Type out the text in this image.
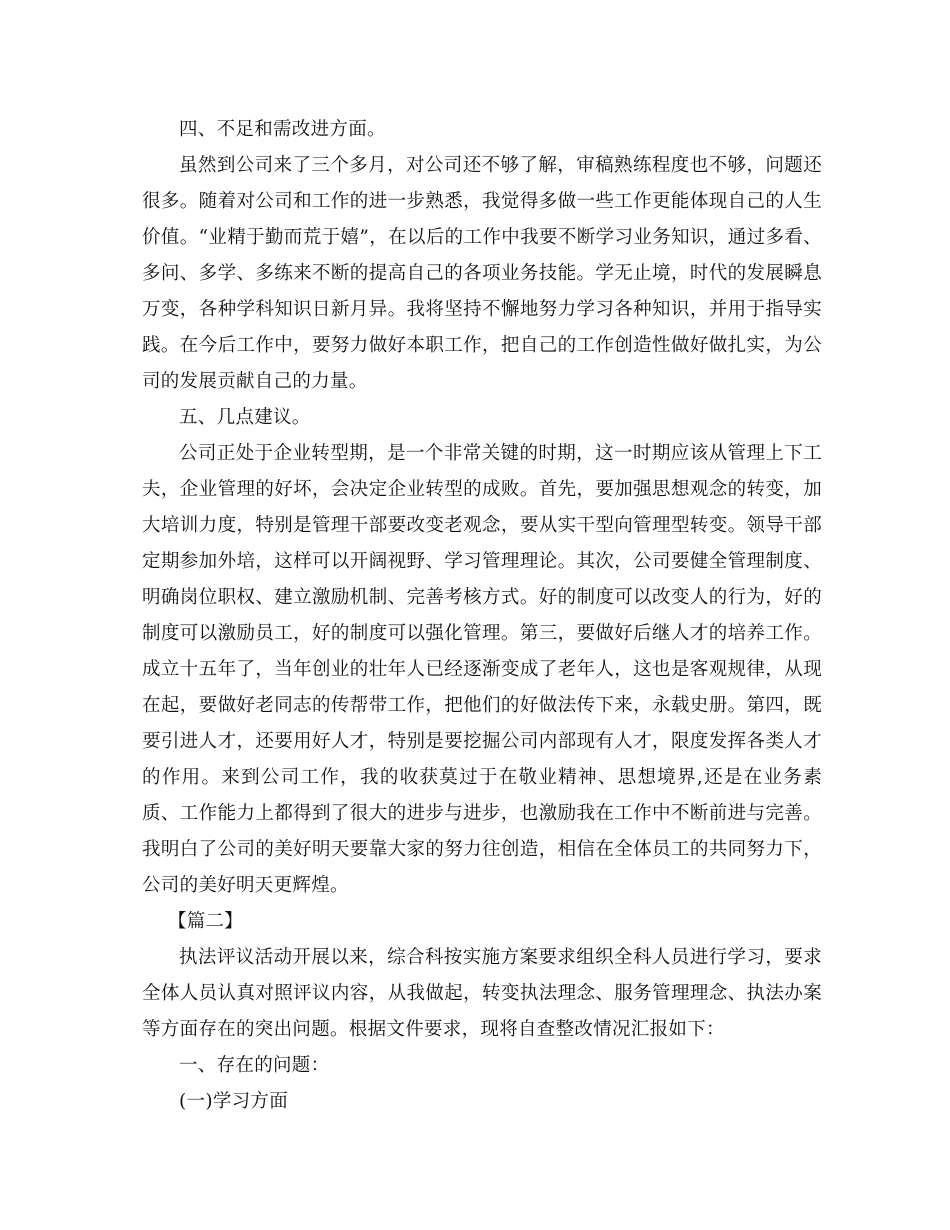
四、不足和需改进方面。

虽然到公司来了三个多月，对公司还不够了解，审稿熟练程度也不够，问题还很多。随着对公司和工作的进一步熟悉，我觉得多做一些工作更能体现自己的人生价值。“业精于勤而荒于嬉”，在以后的工作中我要不断学习业务知识，通过多看、多问、多学、多练来不断的提高自己的各项业务技能。学无止境，时代的发展瞬息万变，各种学科知识日新月异。我将坚持不懈地努力学习各种知识，并用于指导实践。在今后工作中，要努力做好本职工作，把自己的工作创造性做好做扎实，为公司的发展贡献自己的力量。

五、几点建议。

公司正处于企业转型期，是一个非常关键的时期，这一时期应该从管理上下工夫，企业管理的好坏，会决定企业转型的成败。首先，要加强思想观念的转变，加大培训力度，特别是管理干部要改变老观念，要从实干型向管理型转变。领导干部定期参加外培，这样可以开阔视野、学习管理理论。其次，公司要健全管理制度、明确岗位职权、建立激励机制、完善考核方式。好的制度可以改变人的行为，好的制度可以激励员工，好的制度可以强化管理。第三，要做好后继人才的培养工作。成立十五年了，当年创业的壮年人已经逐渐变成了老年人，这也是客观规律，从现在起，要做好老同志的传帮带工作，把他们的好做法传下来，永载史册。第四，既要引进人才，还要用好人才，特别是要挖掘公司内部现有人才，限度发挥各类人才的作用。来到公司工作，我的收获莫过于在敬业精神、思想境界,还是在业务素质、工作能力上都得到了很大的进步与进步，也激励我在工作中不断前进与完善。我明白了公司的美好明天要靠大家的努力往创造，相信在全体员工的共同努力下，公司的美好明天更辉煌。

【篇二】

执法评议活动开展以来，综合科按实施方案要求组织全科人员进行学习，要求全体人员认真对照评议内容，从我做起，转变执法理念、服务管理理念、执法办案等方面存在的突出问题。根据文件要求，现将自查整改情况汇报如下：

一、存在的问题：

(一)学习方面
